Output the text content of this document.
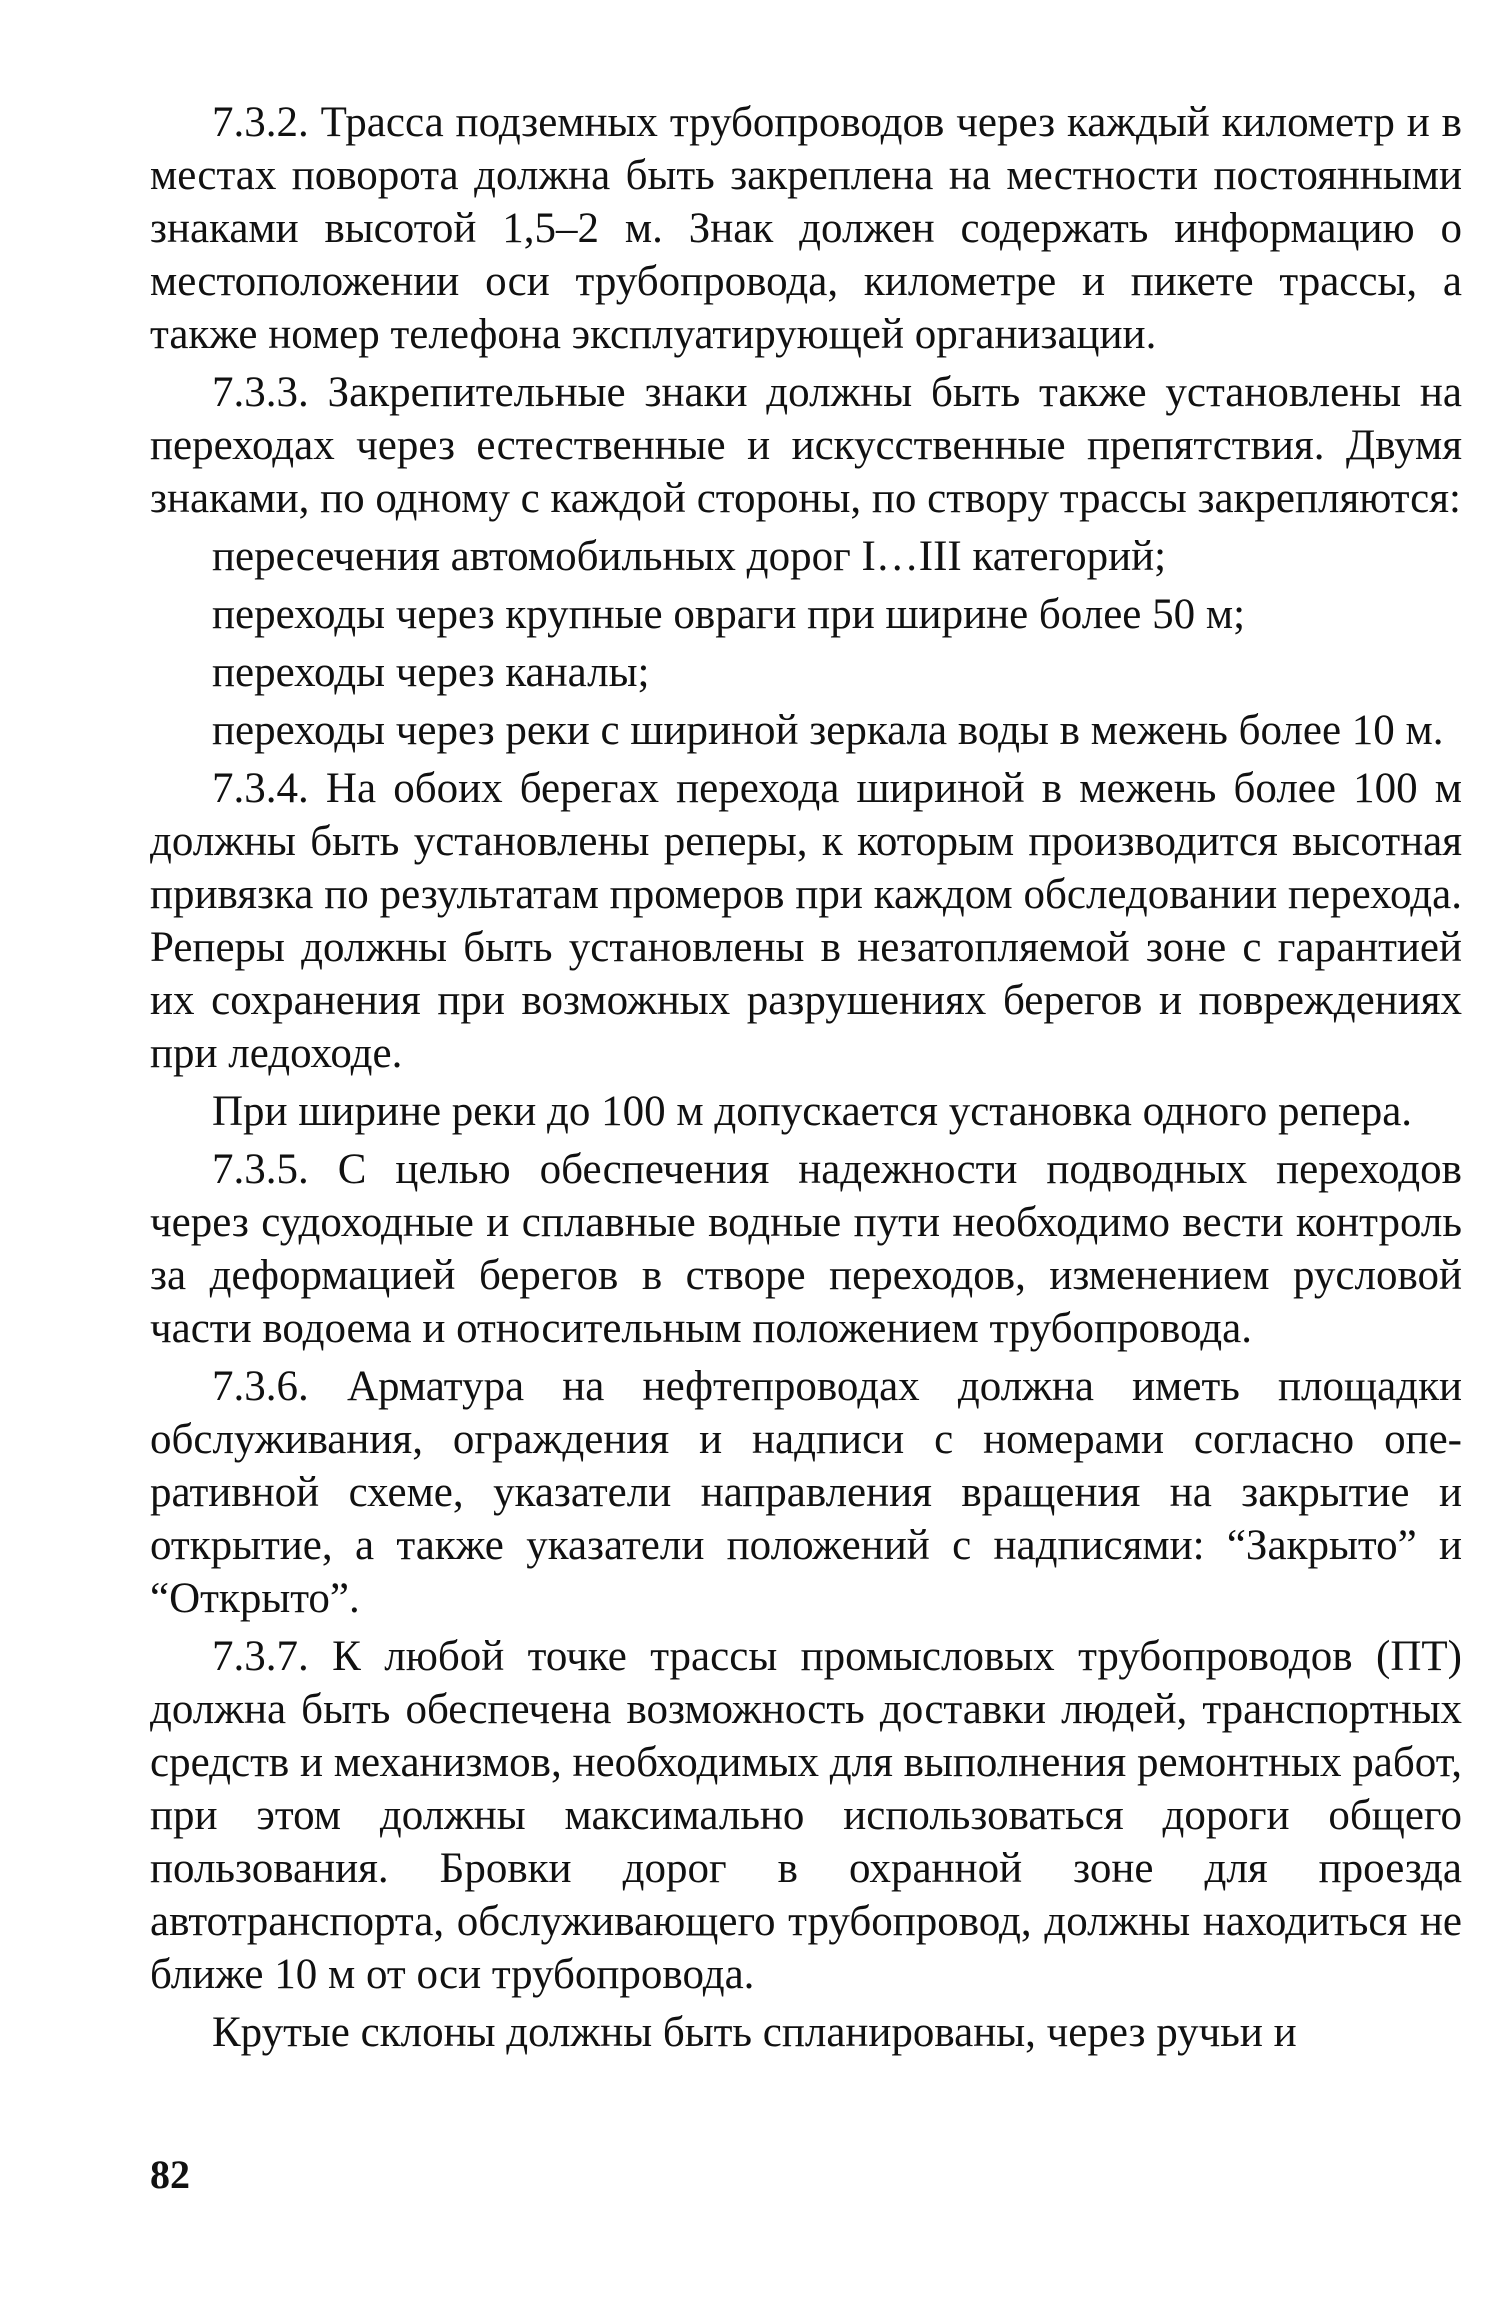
7.3.2. Трасса подземных трубопроводов через каждый километр и в местах поворота должна быть закреплена на местности постоянными знаками высотой 1,5–2 м. Знак должен содержать информацию о местоположении оси трубопровода, километре и пикете трассы, а также номер телефона эксплуатирующей организации.

7.3.3. Закрепительные знаки должны быть также установлены на переходах через естественные и искусственные препятствия. Двумя знаками, по одному с каждой стороны, по створу трассы закрепляются:

пересечения автомобильных дорог I…III категорий;

переходы через крупные овраги при ширине более 50 м;

переходы через каналы;

переходы через реки с шириной зеркала воды в межень более 10 м.

7.3.4. На обоих берегах перехода шириной в межень более 100 м должны быть установлены реперы, к которым производится высотная привязка по результатам промеров при каждом обследовании перехода. Реперы должны быть установлены в незатопляемой зоне с гарантией их сохранения при возможных разрушениях берегов и повреждениях при ледоходе.

При ширине реки до 100 м допускается установка одного репера.

7.3.5. С целью обеспечения надежности подводных переходов через судоходные и сплавные водные пути необходимо вести контроль за деформацией берегов в створе переходов, изменением русловой части водоема и относительным положением трубопровода.

7.3.6. Арматура на нефтепроводах должна иметь площадки обслуживания, ограждения и надписи с номерами согласно оперативной схеме, указатели направления вращения на закрытие и открытие, а также указатели положений с надписями: “Закрыто” и “Открыто”.

7.3.7. К любой точке трассы промысловых трубопроводов (ПТ) должна быть обеспечена возможность доставки людей, транспортных средств и механизмов, необходимых для выполнения ремонтных работ, при этом должны максимально использоваться дороги общего пользования. Бровки дорог в охранной зоне для проезда автотранспорта, обслуживающего трубопровод, должны находиться не ближе 10 м от оси трубопровода.

Крутые склоны должны быть спланированы, через ручьи и

82
